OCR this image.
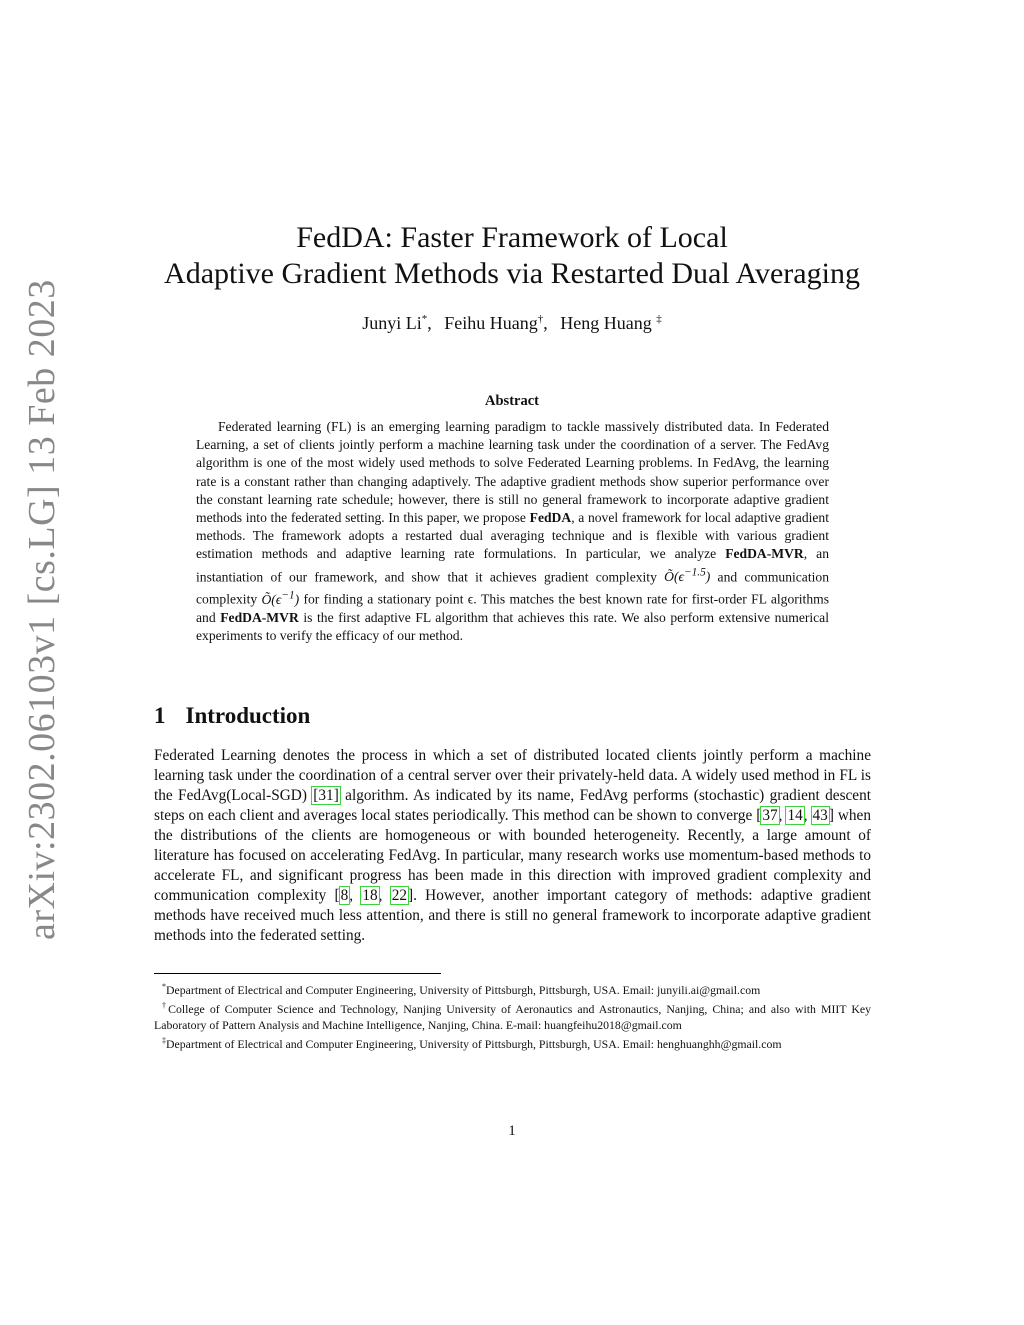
arXiv:2302.06103v1 [cs.LG] 13 Feb 2023
FedDA: Faster Framework of Local
Adaptive Gradient Methods via Restarted Dual Averaging
Junyi Li*, Feihu Huang†, Heng Huang ‡
Abstract

Federated learning (FL) is an emerging learning paradigm to tackle massively distributed data. In Federated Learning, a set of clients jointly perform a machine learning task under the coordination of a server. The FedAvg algorithm is one of the most widely used methods to solve Federated Learning problems. In FedAvg, the learning rate is a constant rather than changing adaptively. The adaptive gradient methods show superior performance over the constant learning rate schedule; however, there is still no general framework to incorporate adaptive gradient methods into the federated setting. In this paper, we propose FedDA, a novel framework for local adaptive gradient methods. The framework adopts a restarted dual averaging technique and is flexible with various gradient estimation methods and adaptive learning rate formulations. In particular, we analyze FedDA-MVR, an instantiation of our framework, and show that it achieves gradient complexity $Õ(\epsilon^{-1.5})$ and communication complexity $Õ(\epsilon^{-1})$ for finding a stationary point ϵ. This matches the best known rate for first-order FL algorithms and FedDA-MVR is the first adaptive FL algorithm that achieves this rate. We also perform extensive numerical experiments to verify the efficacy of our method.

1 Introduction

Federated Learning denotes the process in which a set of distributed located clients jointly perform a machine learning task under the coordination of a central server over their privately-held data. A widely used method in FL is the FedAvg(Local-SGD) [31] algorithm. As indicated by its name, FedAvg performs (stochastic) gradient descent steps on each client and averages local states periodically. This method can be shown to converge [37, 14, 43] when the distributions of the clients are homogeneous or with bounded heterogeneity. Recently, a large amount of literature has focused on accelerating FedAvg. In particular, many research works use momentum-based methods to accelerate FL, and significant progress has been made in this direction with improved gradient complexity and communication complexity [8, 18, 22]. However, another important category of methods: adaptive gradient methods have received much less attention, and there is still no general framework to incorporate adaptive gradient methods into the federated setting.

*Department of Electrical and Computer Engineering, University of Pittsburgh, Pittsburgh, USA. Email: junyili.ai@gmail.com

†College of Computer Science and Technology, Nanjing University of Aeronautics and Astronautics, Nanjing, China; and also with MIIT Key Laboratory of Pattern Analysis and Machine Intelligence, Nanjing, China. E-mail: huangfeihu2018@gmail.com

‡Department of Electrical and Computer Engineering, University of Pittsburgh, Pittsburgh, USA. Email: henghuanghh@gmail.com

1
